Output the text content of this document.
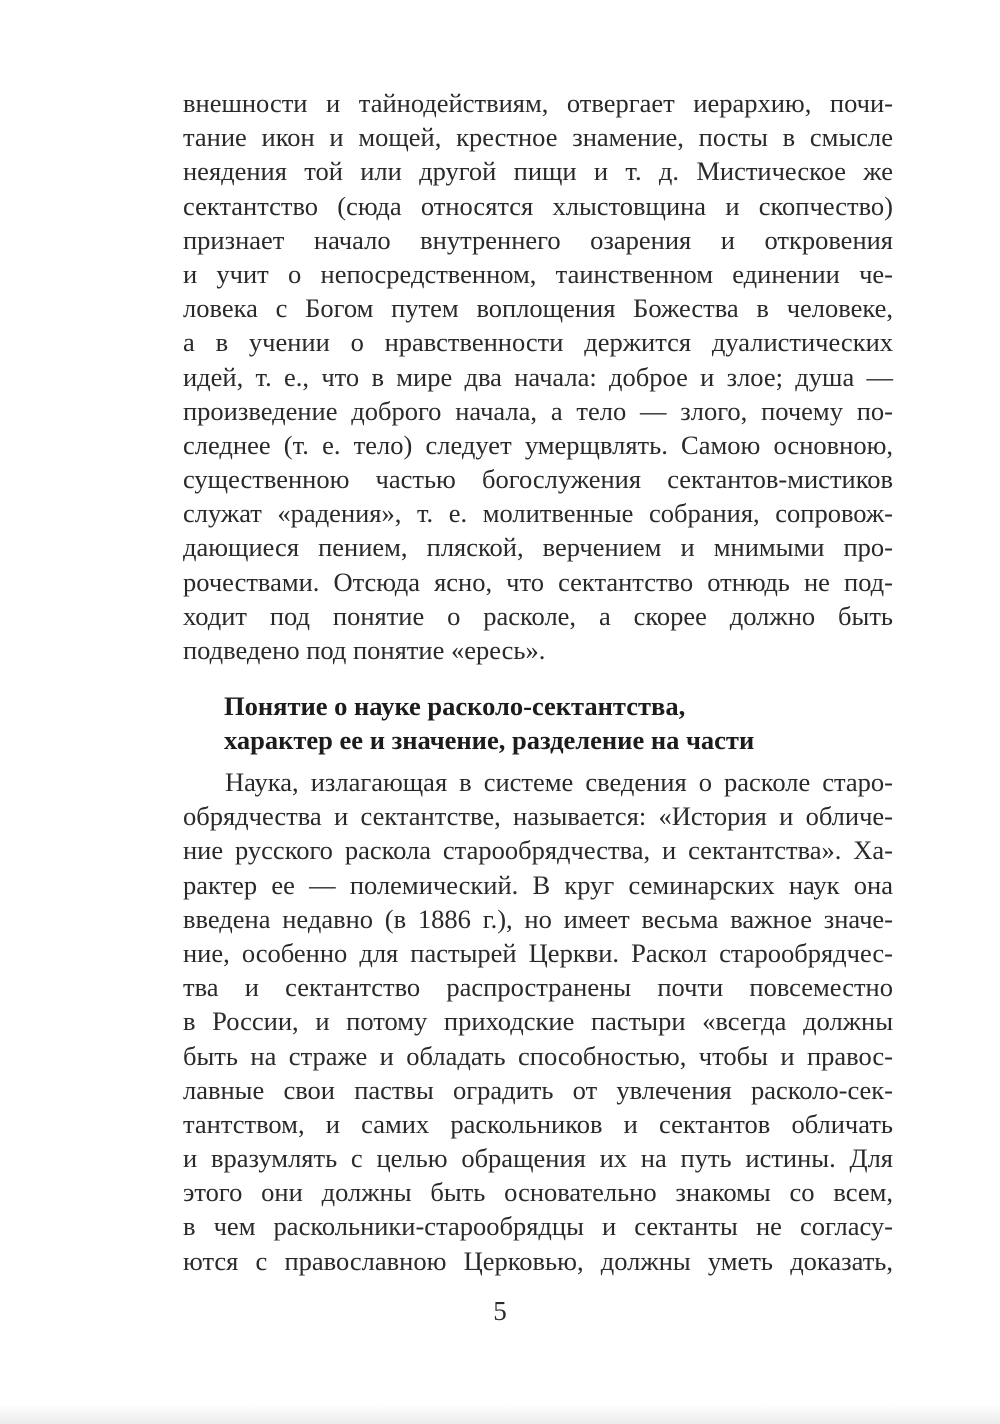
внешности и тайнодействиям, отвергает иерархию, почи-
тание икон и мощей, крестное знамение, посты в смысле
неядения той или другой пищи и т. д. Мистическое же
сектантство (сюда относятся хлыстовщина и скопчество)
признает начало внутреннего озарения и откровения
и учит о непосредственном, таинственном единении че-
ловека с Богом путем воплощения Божества в человеке,
а в учении о нравственности держится дуалистических
идей, т. е., что в мире два начала: доброе и злое; душа —
произведение доброго начала, а тело — злого, почему по-
следнее (т. е. тело) следует умерщвлять. Самою основною,
существенною частью богослужения сектантов-мистиков
служат «радения», т. е. молитвенные собрания, сопровож-
дающиеся пением, пляской, верчением и мнимыми про-
рочествами. Отсюда ясно, что сектантство отнюдь не под-
ходит под понятие о расколе, а скорее должно быть
подведено под понятие «ересь».
Понятие о науке расколо-сектантства,
характер ее и значение, разделение на части
Наука, излагающая в системе сведения о расколе старо-
обрядчества и сектантстве, называется: «История и обличе-
ние русского раскола старообрядчества, и сектантства». Ха-
рактер ее — полемический. В круг семинарских наук она
введена недавно (в 1886 г.), но имеет весьма важное значе-
ние, особенно для пастырей Церкви. Раскол старообрядчес-
тва и сектантство распространены почти повсеместно
в России, и потому приходские пастыри «всегда должны
быть на страже и обладать способностью, чтобы и правос-
лавные свои паствы оградить от увлечения расколо-сек-
тантством, и самих раскольников и сектантов обличать
и вразумлять с целью обращения их на путь истины. Для
этого они должны быть основательно знакомы со всем,
в чем раскольники-старообрядцы и сектанты не согласу-
ются с православною Церковью, должны уметь доказать,
5
